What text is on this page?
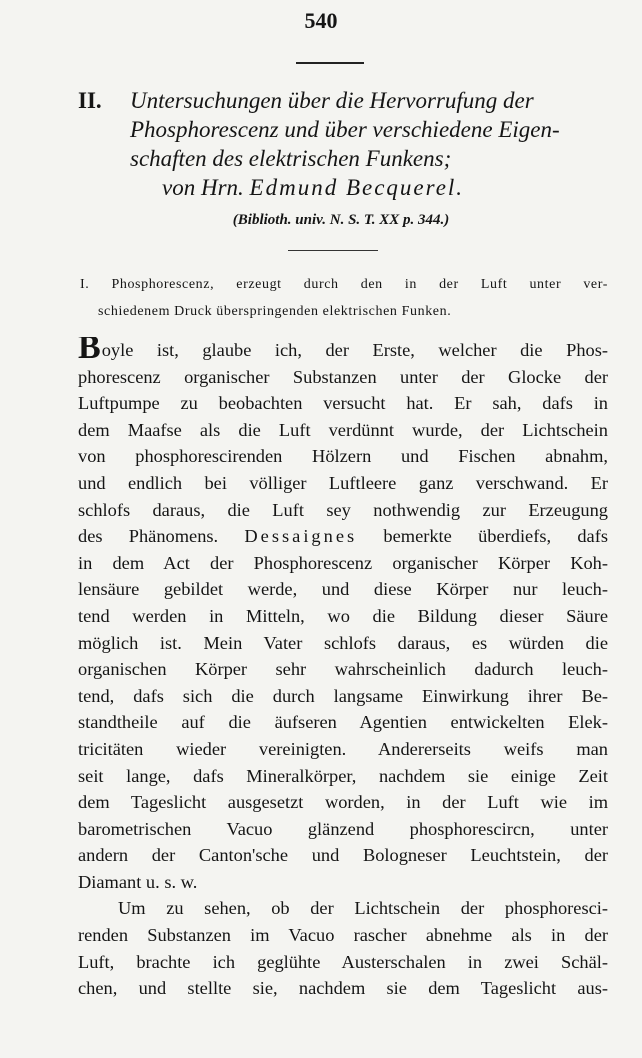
540
II.	Untersuchungen über die Hervorrufung der
Phosphorescenz und über verschiedene Eigen-
schaften des elektrischen Funkens;
von Hrn. Edmund Becquerel.
(Biblioth. univ. N. S. T. XX p. 344.)
I. Phosphorescenz, erzeugt durch den in der Luft unter ver-
schiedenem Druck überspringenden elektrischen Funken.

Boyle ist, glaube ich, der Erste, welcher die Phos-
phorescenz organischer Substanzen unter der Glocke der
Luftpumpe zu beobachten versucht hat. Er sah, dafs in
dem Maafse als die Luft verdünnt wurde, der Lichtschein
von phosphorescirenden Hölzern und Fischen abnahm,
und endlich bei völliger Luftleere ganz verschwand. Er
schlofs daraus, die Luft sey nothwendig zur Erzeugung
des Phänomens. Dessaignes bemerkte überdiefs, dafs
in dem Act der Phosphorescenz organischer Körper Koh-
lensäure gebildet werde, und diese Körper nur leuch-
tend werden in Mitteln, wo die Bildung dieser Säure
möglich ist. Mein Vater schlofs daraus, es würden die
organischen Körper sehr wahrscheinlich dadurch leuch-
tend, dafs sich die durch langsame Einwirkung ihrer Be-
standtheile auf die äufseren Agentien entwickelten Elek-
tricitäten wieder vereinigten. Andererseits weifs man
seit lange, dafs Mineralkörper, nachdem sie einige Zeit
dem Tageslicht ausgesetzt worden, in der Luft wie im
barometrischen Vacuo glänzend phosphorescircn, unter
andern der Canton'sche und Bologneser Leuchtstein, der
Diamant u. s. w.

Um zu sehen, ob der Lichtschein der phosphoresci-
renden Substanzen im Vacuo rascher abnehme als in der
Luft, brachte ich geglühte Austerschalen in zwei Schäl-
chen, und stellte sie, nachdem sie dem Tageslicht aus-
